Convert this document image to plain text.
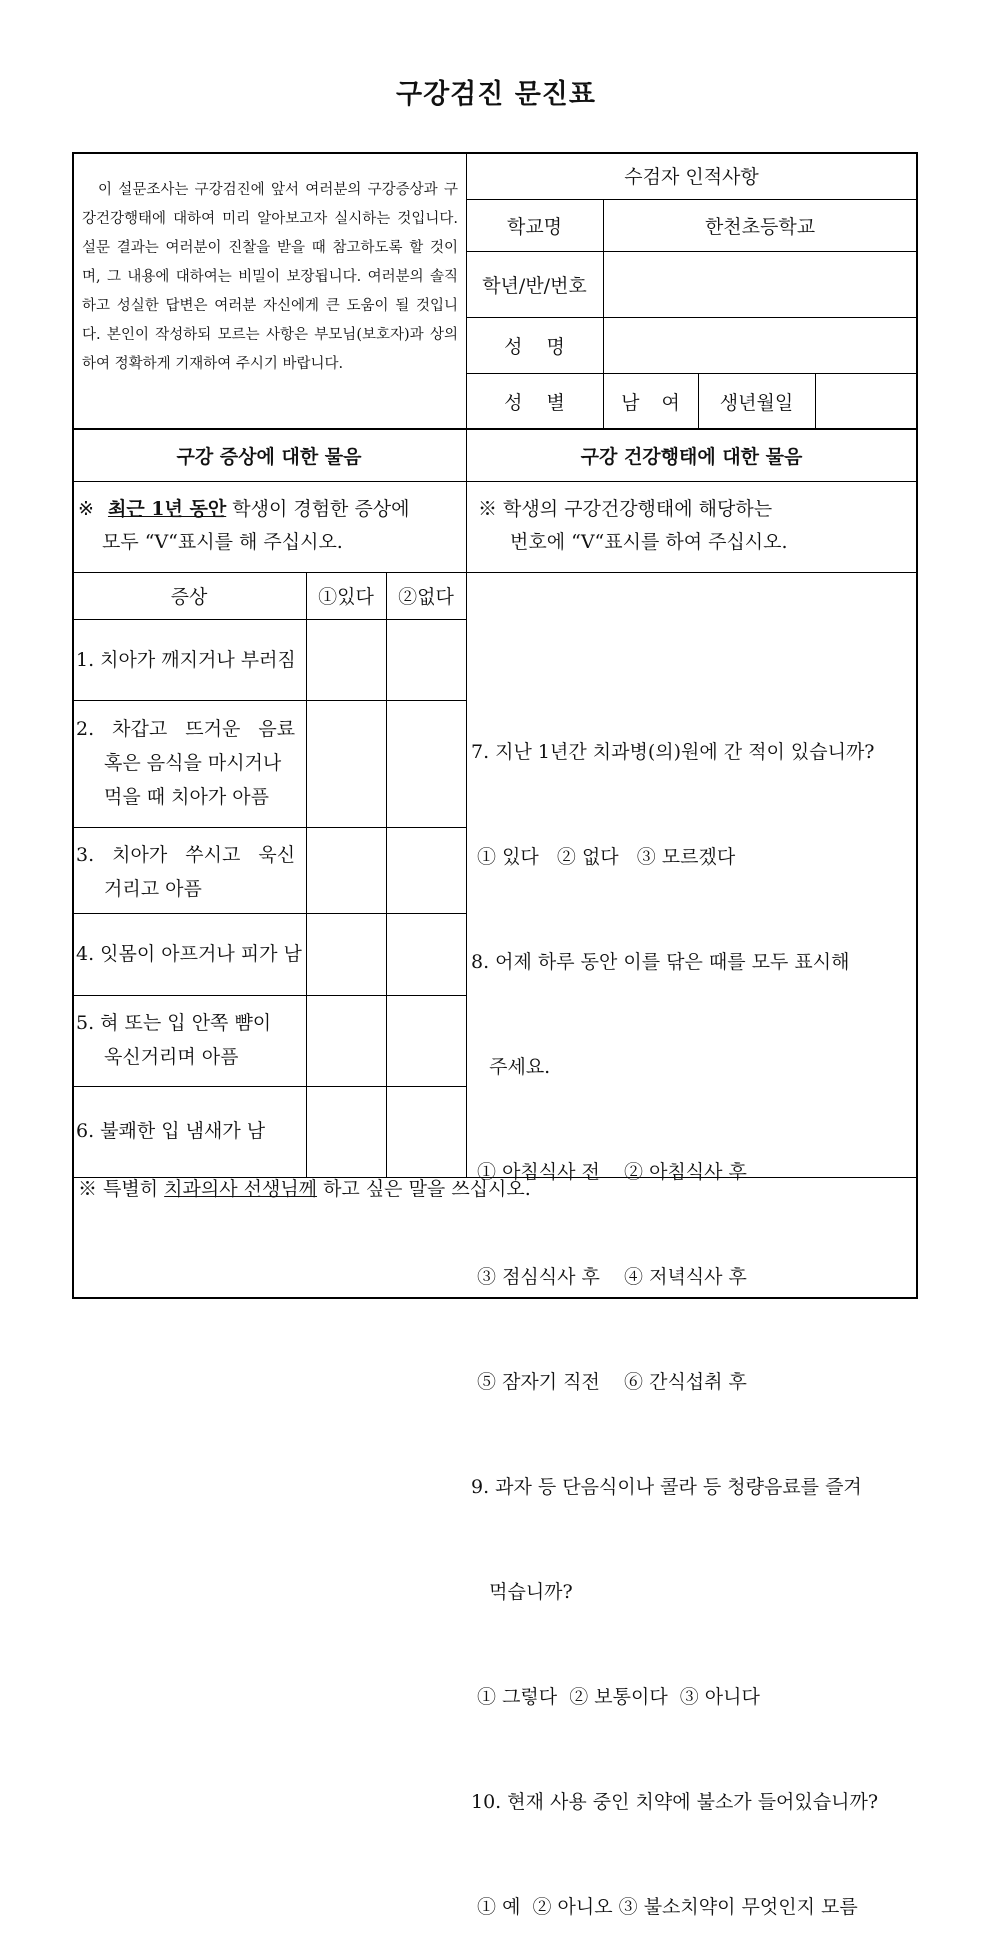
구강검진 문진표
이 설문조사는 구강검진에 앞서 여러분의 구강증상과 구강건강행태에 대하여 미리 알아보고자 실시하는 것입니다. 설문 결과는 여러분이 진찰을 받을 때 참고하도록 할 것이며, 그 내용에 대하여는 비밀이 보장됩니다. 여러분의 솔직하고 성실한 답변은 여러분 자신에게 큰 도움이 될 것입니다. 본인이 작성하되 모르는 사항은 부모님(보호자)과 상의하여 정확하게 기재하여 주시기 바랍니다.
수검자 인적사항
학교명	한천초등학교
학년/반/번호
성 명
성 별	남 여	생년월일
구강 증상에 대한 물음	구강 건강행태에 대한 물음
※ 최근 1년 동안 학생이 경험한 증상에
모두 “V“표시를 해 주십시오.
※ 학생의 구강건강행태에 해당하는
번호에 “V“표시를 하여 주십시오.
증상	①있다	②없다
1. 치아가 깨지거나 부러짐
2. 차갑고 뜨거운 음료
혹은 음식을 마시거나
먹을 때 치아가 아픔
3. 치아가 쑤시고 욱신
거리고 아픔
4. 잇몸이 아프거나 피가 남
5. 혀 또는 입 안쪽 뺨이
욱신거리며 아픔
6. 불쾌한 입 냄새가 남

7. 지난 1년간 치과병(의)원에 간 적이 있습니까?

① 있다   ② 없다   ③ 모르겠다

8. 어제 하루 동안 이를 닦은 때를 모두 표시해

주세요.

① 아침식사 전    ② 아침식사 후

③ 점심식사 후    ④ 저녁식사 후

⑤ 잠자기 직전    ⑥ 간식섭취 후

9. 과자 등 단음식이나 콜라 등 청량음료를 즐겨

먹습니까?

① 그렇다  ② 보통이다  ③ 아니다

10. 현재 사용 중인 치약에 불소가 들어있습니까?

① 예  ② 아니오 ③ 불소치약이 무엇인지 모름

※ 특별히 치과의사 선생님께 하고 싶은 말을 쓰십시오.
